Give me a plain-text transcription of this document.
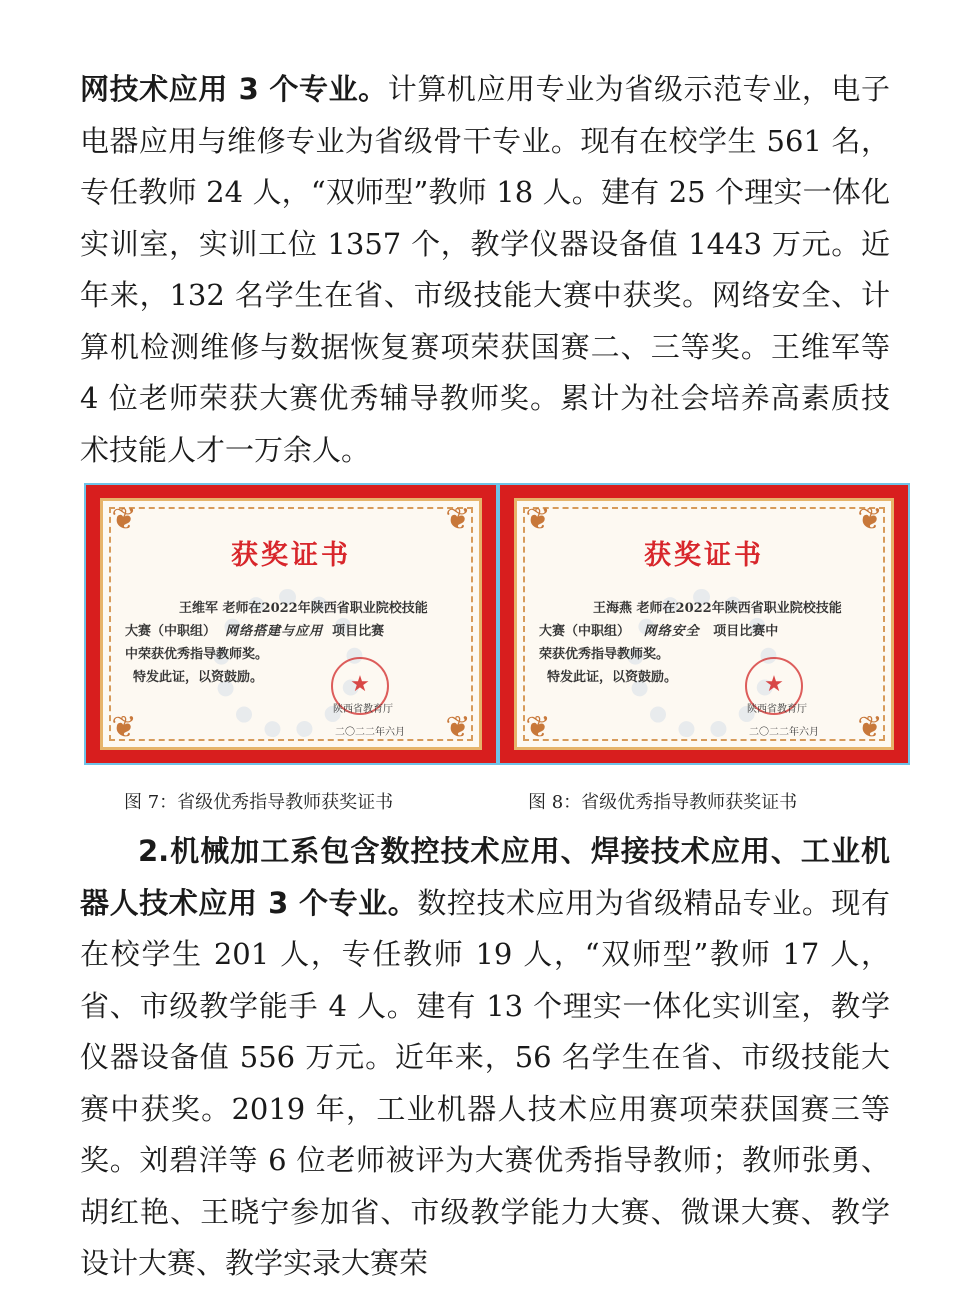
网技术应用 3 个专业。计算机应用专业为省级示范专业，电子电器应用与维修专业为省级骨干专业。现有在校学生 561 名，专任教师 24 人，“双师型”教师 18 人。建有 25 个理实一体化实训室，实训工位 1357 个，教学仪器设备值 1443 万元。近年来，132 名学生在省、市级技能大赛中获奖。网络安全、计算机检测维修与数据恢复赛项荣获国赛二、三等奖。王维军等 4 位老师荣获大赛优秀辅导教师奖。累计为社会培养高素质技术技能人才一万余人。

❦	❦
❦	❦
获奖证书
王维军 老师在2022年陕西省职业院校技能
大赛（中职组） 网络搭建与应用 项目比赛
中荣获优秀指导教师奖。
特发此证，以资鼓励。	★
陕西省教育厅
二〇二二年六月
❦	❦
❦	❦
获奖证书
王海燕 老师在2022年陕西省职业院校技能
大赛（中职组） 网络安全 项目比赛中
荣获优秀指导教师奖。
特发此证，以资鼓励。	★
陕西省教育厅
二〇二二年六月
图 7：省级优秀指导教师获奖证书	图 8：省级优秀指导教师获奖证书

2.机械加工系包含数控技术应用、焊接技术应用、工业机器人技术应用 3 个专业。数控技术应用为省级精品专业。现有在校学生 201 人，专任教师 19 人，“双师型”教师 17 人，省、市级教学能手 4 人。建有 13 个理实一体化实训室，教学仪器设备值 556 万元。近年来，56 名学生在省、市级技能大赛中获奖。2019 年，工业机器人技术应用赛项荣获国赛三等奖。刘碧洋等 6 位老师被评为大赛优秀指导教师；教师张勇、胡红艳、王晓宁参加省、市级教学能力大赛、微课大赛、教学设计大赛、教学实录大赛荣
